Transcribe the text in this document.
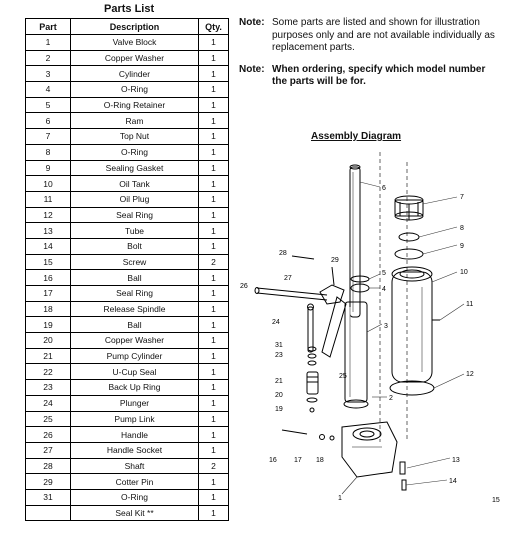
Parts List
Part	Description	Qty.
1	Valve Block	1
2	Copper Washer	1
3	Cylinder	1
4	O-Ring	1
5	O-Ring Retainer	1
6	Ram	1
7	Top Nut	1
8	O-Ring	1
9	Sealing Gasket	1
10	Oil Tank	1
11	Oil Plug	1
12	Seal Ring	1
13	Tube	1
14	Bolt	1
15	Screw	2
16	Ball	1
17	Seal Ring	1
18	Release Spindle	1
19	Ball	1
20	Copper Washer	1
21	Pump Cylinder	1
22	U-Cup Seal	1
23	Back Up Ring	1
24	Plunger	1
25	Pump Link	1
26	Handle	1
27	Handle Socket	1
28	Shaft	2
29	Cotter Pin	1
31	O-Ring	1
	Seal Kit **	1
Note: Some parts are listed and shown for illustration purposes only and are not available individually as replacement parts.
Note: When ordering, specify which model number the parts will be for.
Assembly Diagram
1
2
3
4
5
6
7
8
9
10
11
12
13
14
15
16 17 18
19
20
21
23
24
25
26
27
28
29
31
